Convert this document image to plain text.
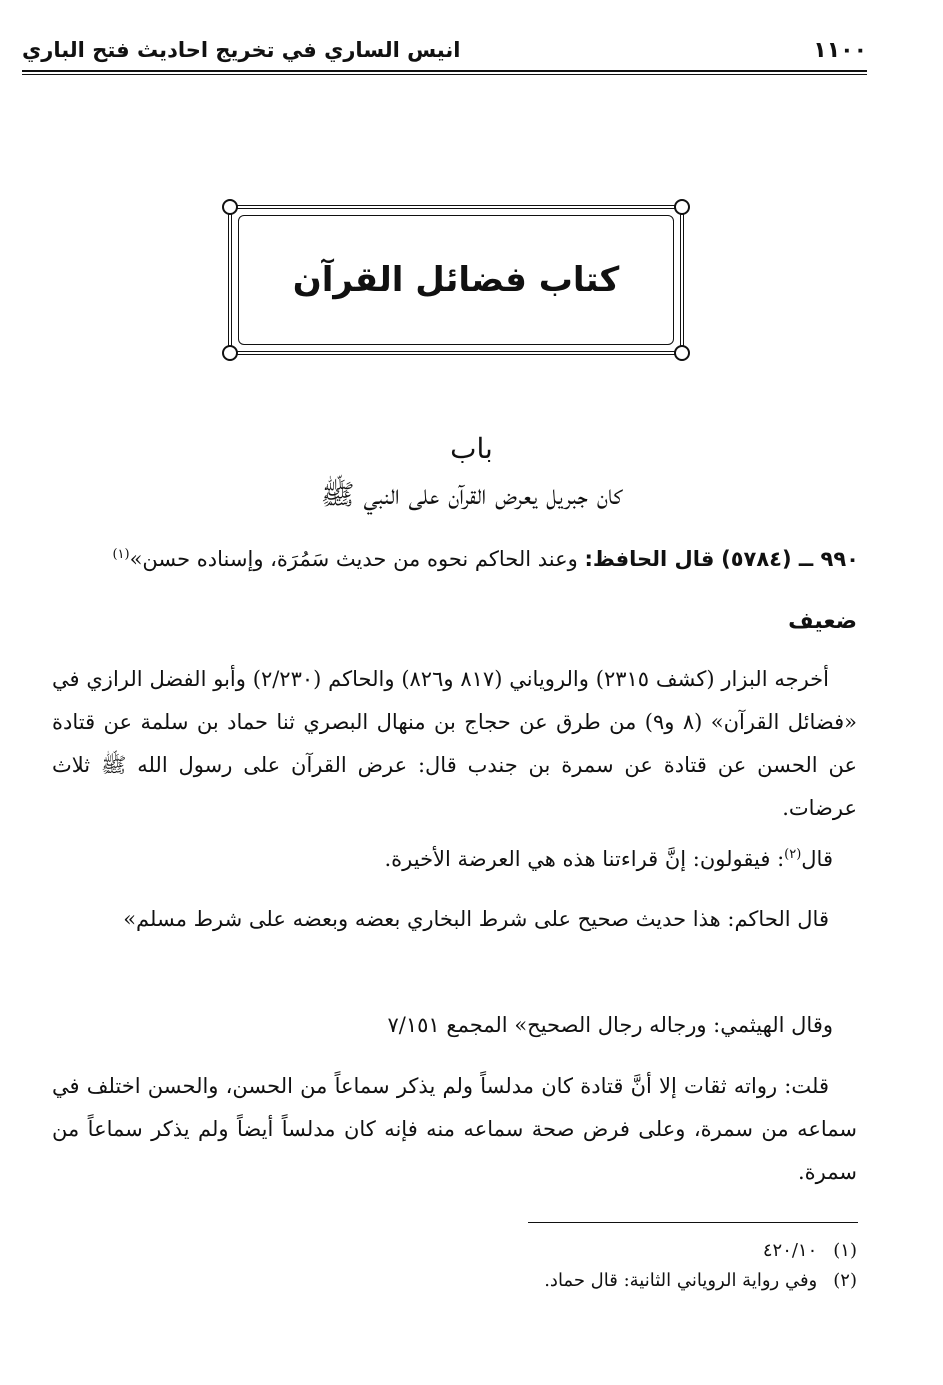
١١٠٠
انيس الساري في تخريج احاديث فتح الباري
كتاب فضائل القرآن
باب
كان جبريل يعرض القرآن على النبي ﷺ
٩٩٠ ــ (٥٧٨٤) قال الحافظ: وعند الحاكم نحوه من حديث سَمُرَة، وإسناده حسن»$^{(١)}$
ضعيف
أخرجه البزار (كشف ٢٣١٥) والروياني (٨١٧ و٨٢٦) والحاكم (٢/٢٣٠) وأبو الفضل الرازي في «فضائل القرآن» (٨ و٩) من طرق عن حجاج بن منهال البصري ثنا حماد بن سلمة عن قتادة عن الحسن عن قتادة عن سمرة بن جندب قال: عرض القرآن على رسول الله ﷺ ثلاث عرضات.
قال$^{(٢)}$: فيقولون: إنَّ قراءتنا هذه هي العرضة الأخيرة.
قال الحاكم: هذا حديث صحيح على شرط البخاري بعضه وبعضه على شرط مسلم»
وقال الهيثمي: ورجاله رجال الصحيح» المجمع ٧/١٥١
قلت: رواته ثقات إلا أنَّ قتادة كان مدلساً ولم يذكر سماعاً من الحسن، والحسن اختلف في سماعه من سمرة، وعلى فرض صحة سماعه منه فإنه كان مدلساً أيضاً ولم يذكر سماعاً من سمرة.
(١) ٤٢٠/١٠
(٢) وفي رواية الروياني الثانية: قال حماد.
